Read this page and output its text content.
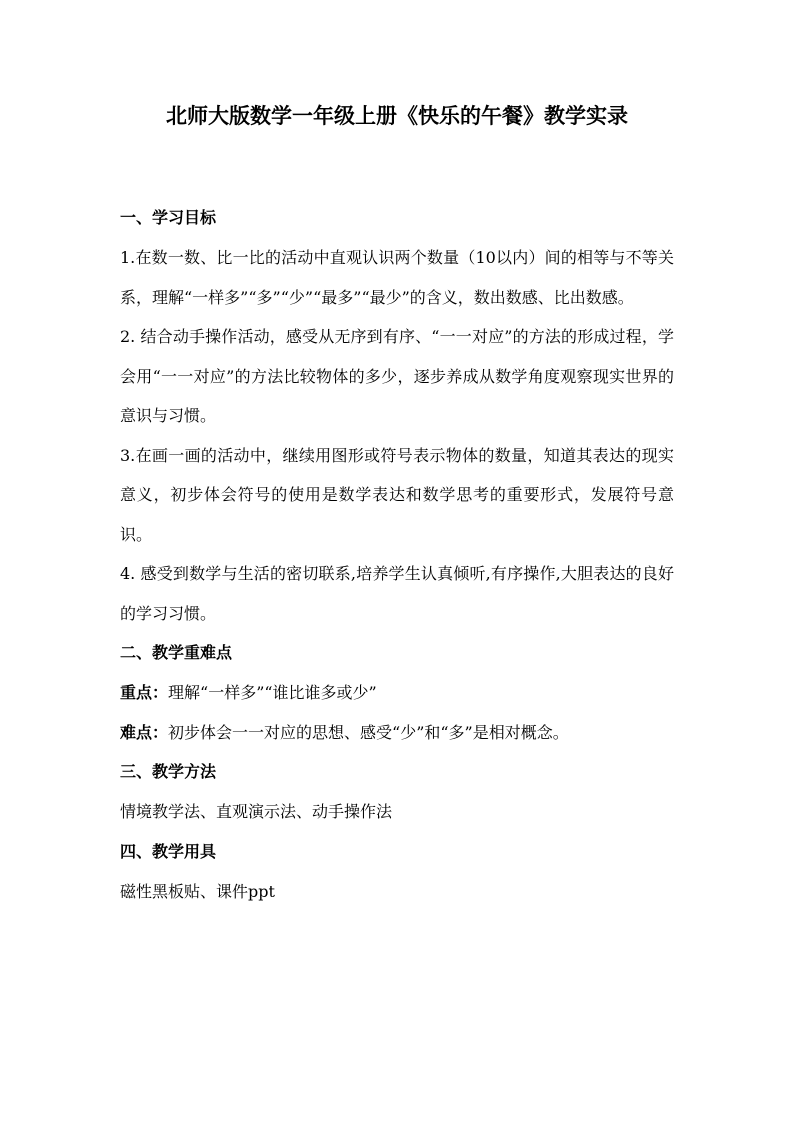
北师大版数学一年级上册《快乐的午餐》教学实录

一、学习目标

1.在数一数、比一比的活动中直观认识两个数量（10以内）间的相等与不等关系，理解“一样多”“多”“少”“最多”“最少”的含义，数出数感、比出数感。

2. 结合动手操作活动，感受从无序到有序、“一一对应”的方法的形成过程，学会用“一一对应”的方法比较物体的多少，逐步养成从数学角度观察现实世界的意识与习惯。

3.在画一画的活动中，继续用图形或符号表示物体的数量，知道其表达的现实意义，初步体会符号的使用是数学表达和数学思考的重要形式，发展符号意识。

4. 感受到数学与生活的密切联系,培养学生认真倾听,有序操作,大胆表达的良好的学习习惯。

二、教学重难点

重点：理解“一样多”“谁比谁多或少”

难点：初步体会一一对应的思想、感受“少”和“多”是相对概念。

三、教学方法

情境教学法、直观演示法、动手操作法

四、教学用具

磁性黑板贴、课件ppt
